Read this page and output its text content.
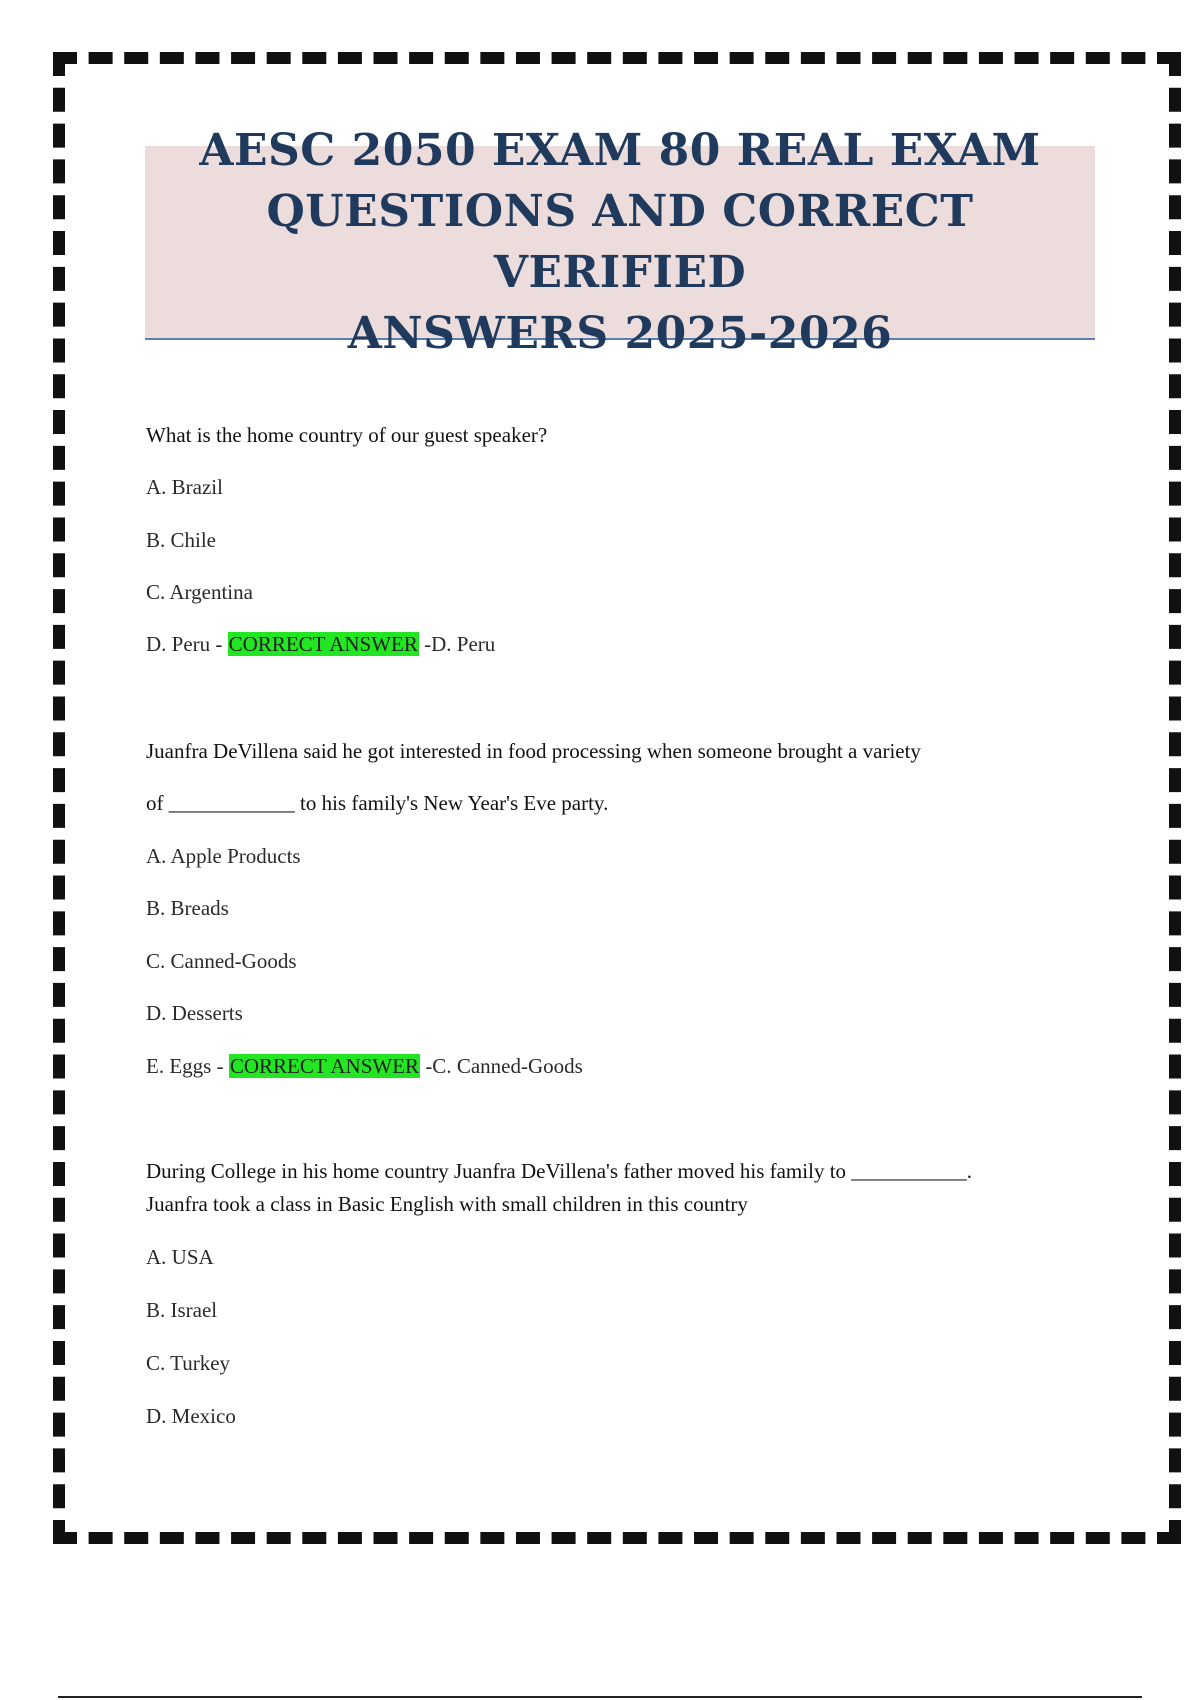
AESC 2050 EXAM 80 REAL EXAM
QUESTIONS AND CORRECT VERIFIED
ANSWERS 2025-2026
What is the home country of our guest speaker?
A. Brazil
B. Chile
C. Argentina
D. Peru - CORRECT ANSWER -D. Peru
Juanfra DeVillena said he got interested in food processing when someone brought a variety
of ____________ to his family's New Year's Eve party.
A. Apple Products
B. Breads
C. Canned-Goods
D. Desserts
E. Eggs - CORRECT ANSWER -C. Canned-Goods
During College in his home country Juanfra DeVillena's father moved his family to ___________.
Juanfra took a class in Basic English with small children in this country
A. USA
B. Israel
C. Turkey
D. Mexico
